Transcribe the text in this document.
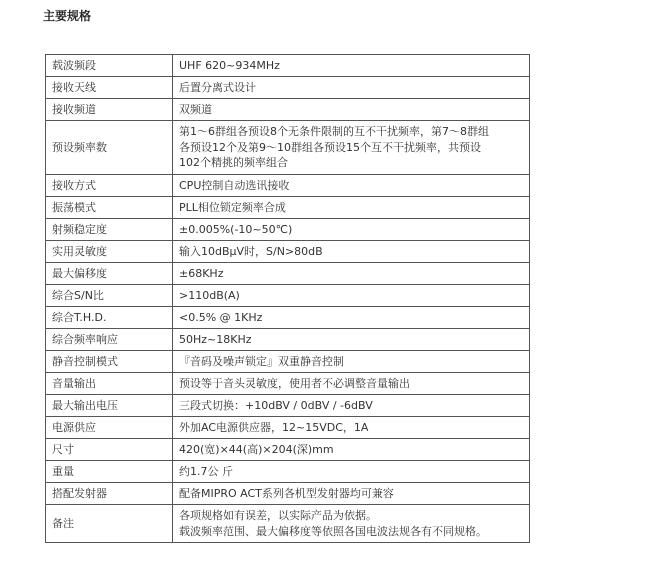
主要规格
载波频段	UHF 620~934MHz

接收天线	后置分离式设计

接收频道	双频道

预设频率数	第1～6群组各预设8个无条件限制的互不干扰频率，第7～8群组
各预设12个及第9～10群组各预设15个互不干扰频率，共预设
102个精挑的频率组合

接收方式	CPU控制自动选讯接收

振荡模式	PLL相位锁定频率合成

射频稳定度	±0.005%(-10~50℃)

实用灵敏度	输入10dBμV时，S/N>80dB

最大偏移度	±68KHz

综合S/N比	>110dB(A)

综合T.H.D.	<0.5% @ 1KHz

综合频率响应	50Hz~18KHz

静音控制模式	『音码及噪声锁定』双重静音控制

音量输出	预设等于音头灵敏度，使用者不必调整音量输出

最大输出电压	三段式切换：+10dBV / 0dBV / -6dBV

电源供应	外加AC电源供应器，12~15VDC，1A

尺寸	420(宽)×44(高)×204(深)mm

重量	约1.7公 斤

搭配发射器	配备MIPRO ACT系列各机型发射器均可兼容

备注	各项规格如有误差，以实际产品为依据。
载波频率范围、最大偏移度等依照各国电波法规各有不同规格。
